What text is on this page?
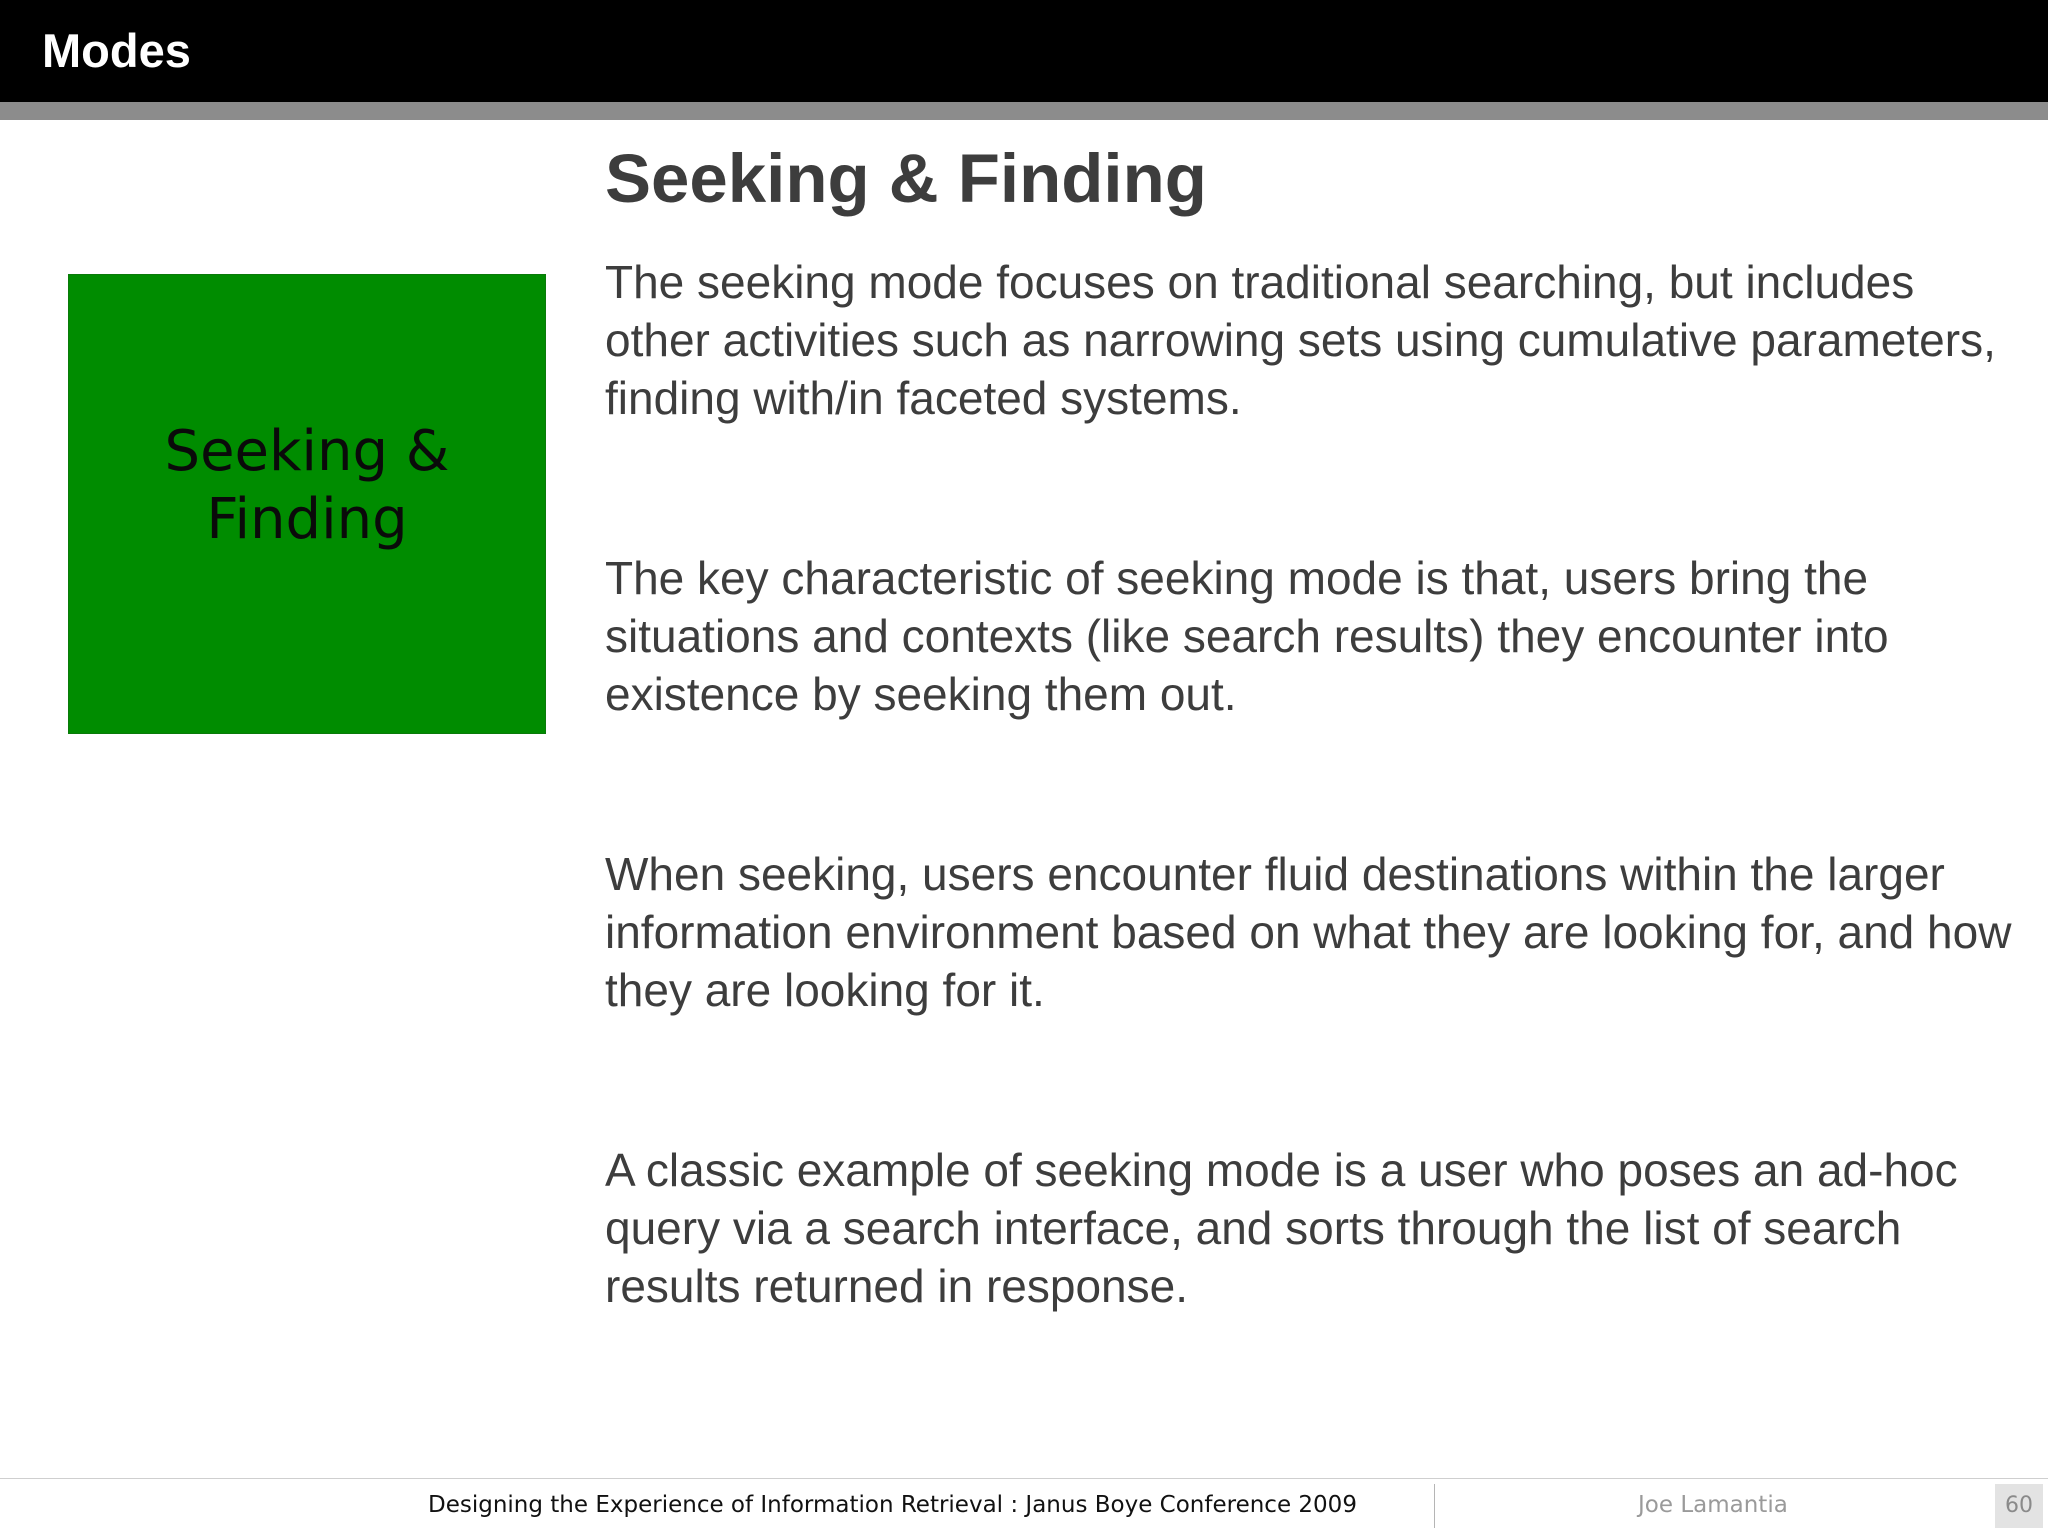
Modes
Seeking & Finding
Seeking & Finding

The seeking mode focuses on traditional searching, but includes other activities such as narrowing sets using cumulative parameters, finding with/in faceted systems.

The key characteristic of seeking mode is that, users bring the situations and contexts (like search results) they encounter into existence by seeking them out.

When seeking, users encounter fluid destinations within the larger information environment based on what they are looking for, and how they are looking for it.

A classic example of seeking mode is a user who poses an ad-hoc query via a search interface, and sorts through the list of search results returned in response.

Designing the Experience of Information Retrieval : Janus Boye Conference 2009	Joe Lamantia	60
